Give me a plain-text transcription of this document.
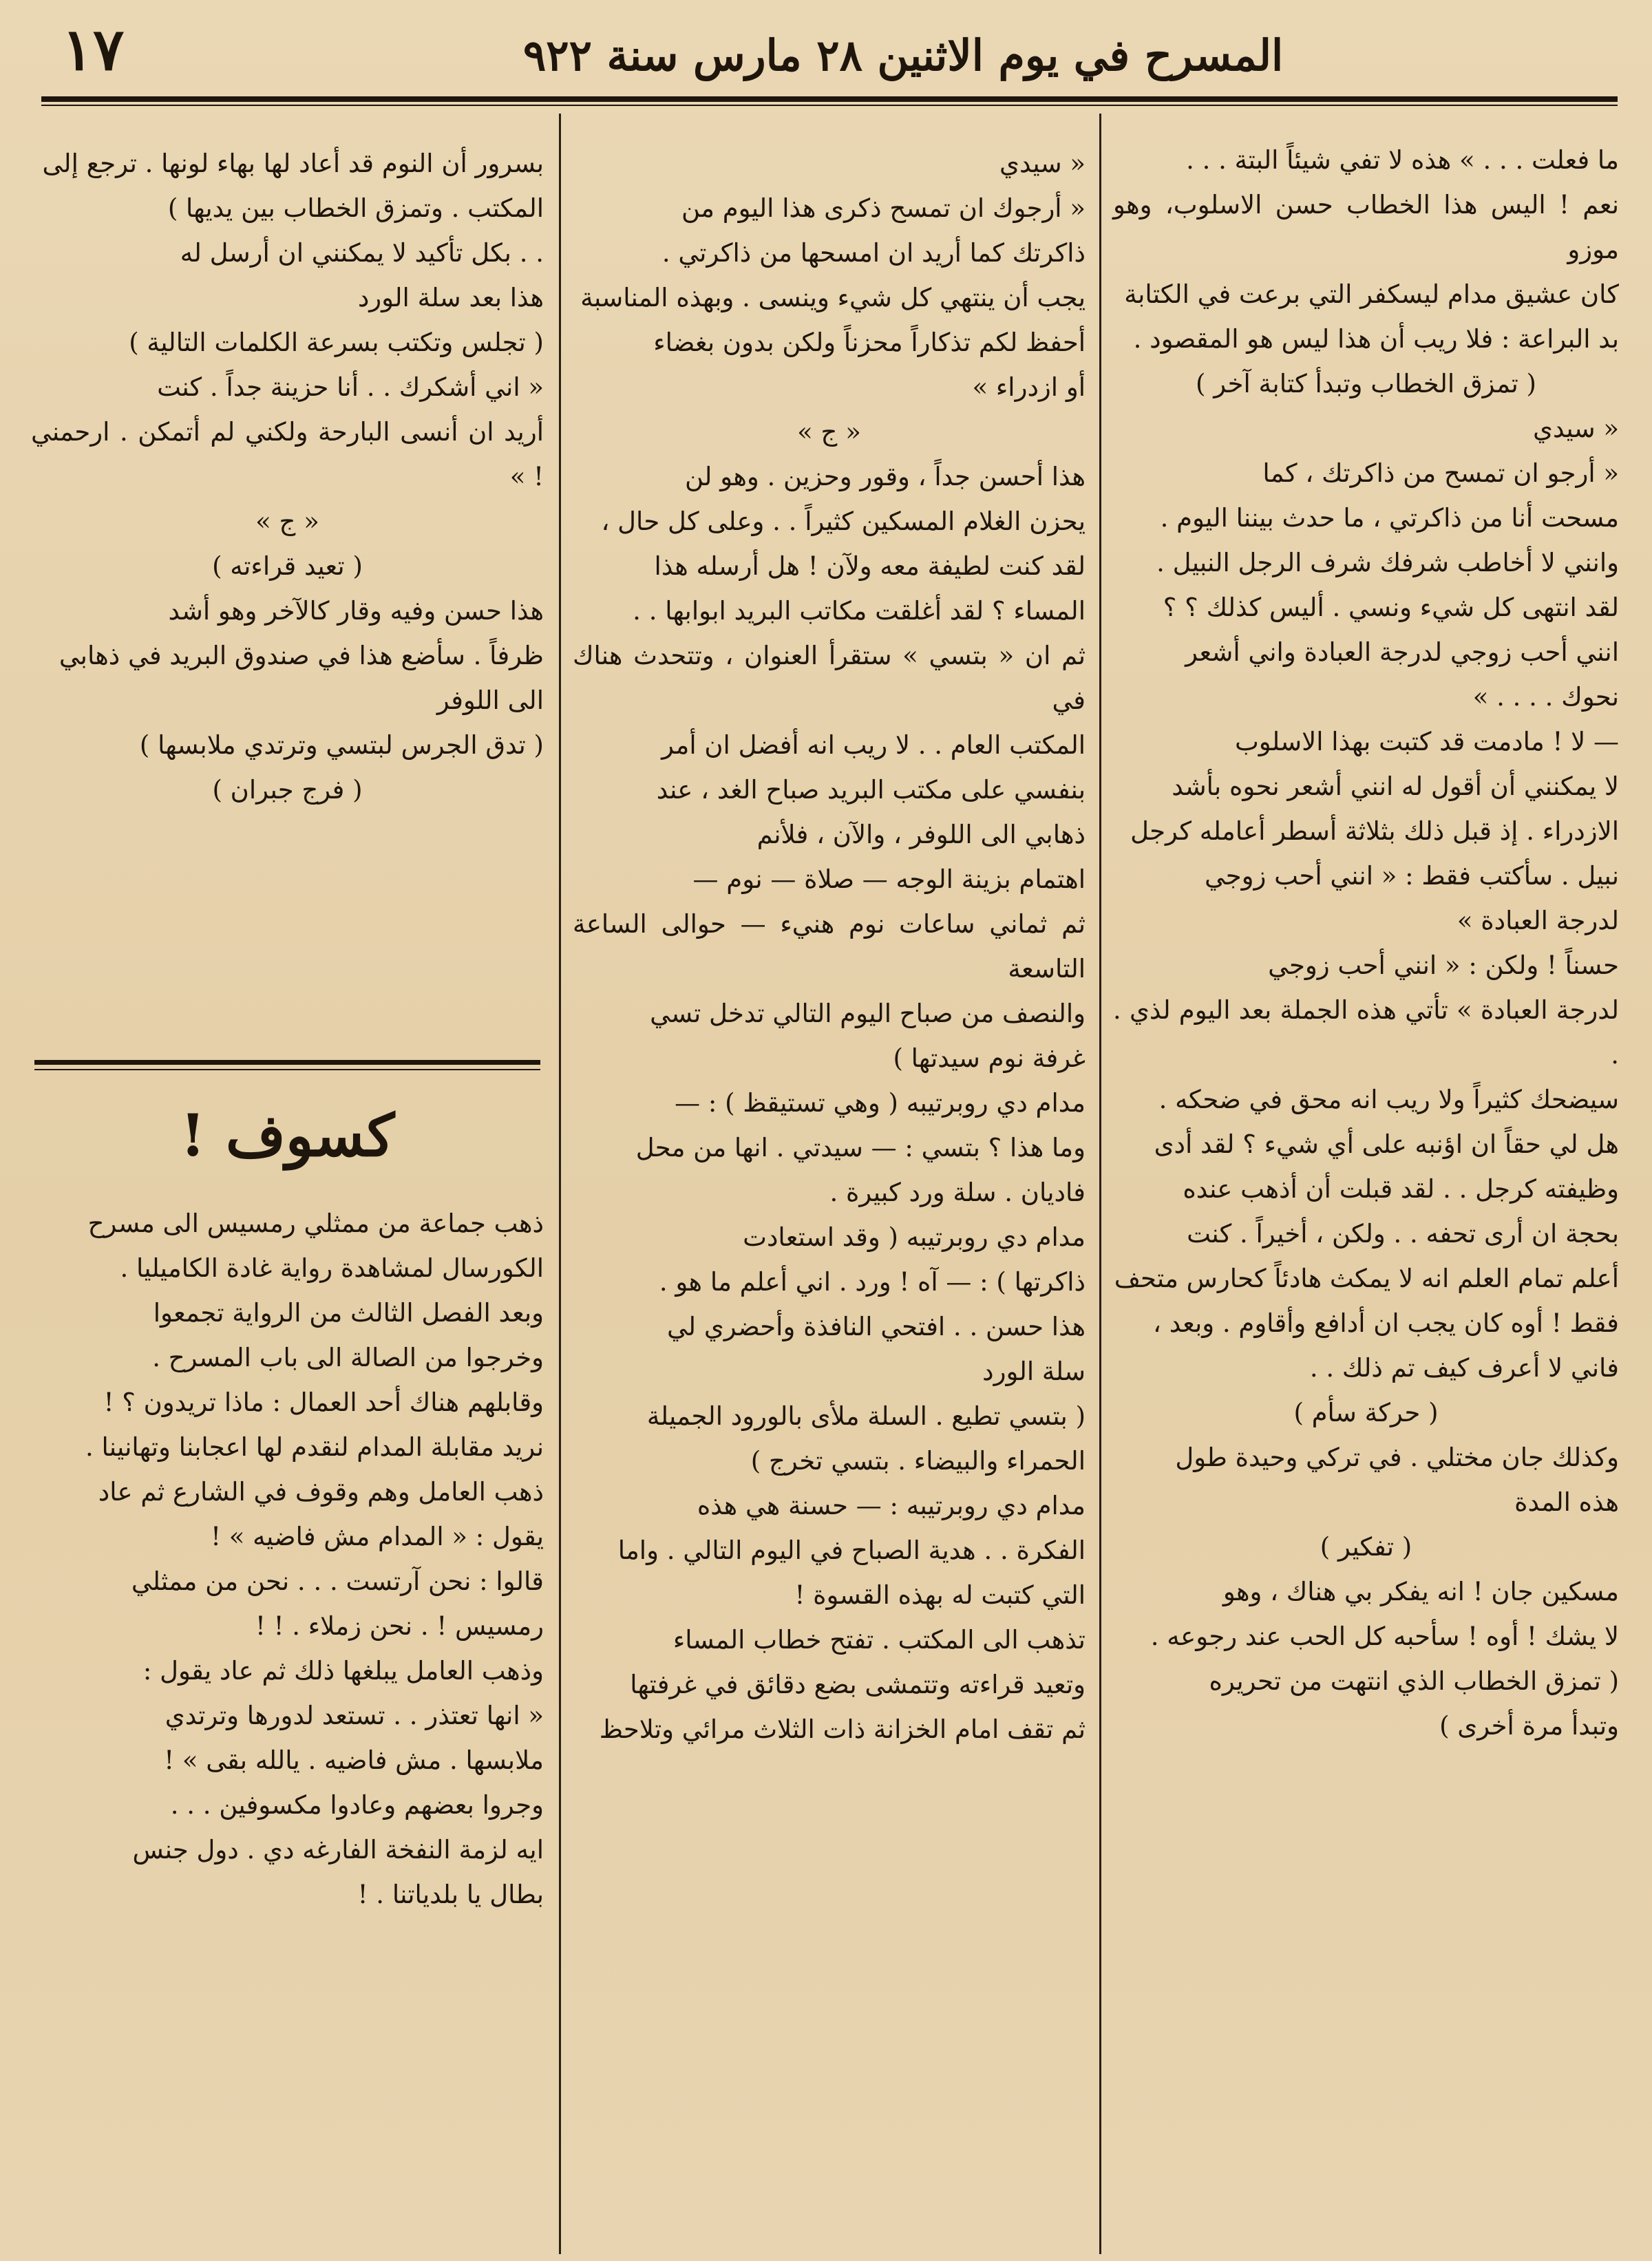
١٧	المسرح في يوم الاثنين ٢٨ مارس سنة ٩٢٢

ما فعلت . . . » هذه لا تفي شيئاً البتة . . .

نعم ! اليس هذا الخطاب حسن الاسلوب، وهو موزو

كان عشيق مدام ليسكفر التي برعت في الكتابة

بد البراعة : فلا ريب أن هذا ليس هو المقصود .

( تمزق الخطاب وتبدأ كتابة آخر )

« سيدي

« أرجو ان تمسح من ذاكرتك ، كما

مسحت أنا من ذاكرتي ، ما حدث بيننا اليوم .

وانني لا أخاطب شرفك شرف الرجل النبيل .

لقد انتهى كل شيء ونسي . أليس كذلك ؟ ؟

انني أحب زوجي لدرجة العبادة واني أشعر

نحوك . . . . »

— لا ! مادمت قد كتبت بهذا الاسلوب

لا يمكنني أن أقول له انني أشعر نحوه بأشد

الازدراء . إذ قبل ذلك بثلاثة أسطر أعامله كرجل

نبيل . سأكتب فقط : « انني أحب زوجي

لدرجة العبادة »

حسناً ! ولكن : « انني أحب زوجي

لدرجة العبادة » تأتي هذه الجملة بعد اليوم لذي . .

سيضحك كثيراً ولا ريب انه محق في ضحكه .

هل لي حقاً ان اؤنبه على أي شيء ؟ لقد أدى

وظيفته كرجل . . لقد قبلت أن أذهب عنده

بحجة ان أرى تحفه . . ولكن ، أخيراً . كنت

أعلم تمام العلم انه لا يمكث هادئاً كحارس متحف

فقط ! أوه كان يجب ان أدافع وأقاوم . وبعد ،

فاني لا أعرف كيف تم ذلك . .

( حركة سأم )

وكذلك جان مختلي . في تركي وحيدة طول

هذه المدة

( تفكير )

مسكين جان ! انه يفكر بي هناك ، وهو

لا يشك ! أوه ! سأحبه كل الحب عند رجوعه .

( تمزق الخطاب الذي انتهت من تحريره

وتبدأ مرة أخرى )

« سيدي

« أرجوك ان تمسح ذكرى هذا اليوم من

ذاكرتك كما أريد ان امسحها من ذاكرتي .

يجب أن ينتهي كل شيء وينسى . وبهذه المناسبة

أحفظ لكم تذكاراً محزناً ولكن بدون بغضاء

أو ازدراء »

« ج »

هذا أحسن جداً ، وقور وحزين . وهو لن

يحزن الغلام المسكين كثيراً . . وعلى كل حال ،

لقد كنت لطيفة معه ولآن ! هل أرسله هذا

المساء ؟ لقد أغلقت مكاتب البريد ابوابها . .

ثم ان « بتسي » ستقرأ العنوان ، وتتحدث هناك في

المكتب العام . . لا ريب انه أفضل ان أمر

بنفسي على مكتب البريد صباح الغد ، عند

ذهابي الى اللوفر ، والآن ، فلأنم

اهتمام بزينة الوجه — صلاة — نوم —

ثم ثماني ساعات نوم هنيء — حوالى الساعة التاسعة

والنصف من صباح اليوم التالي تدخل تسي

غرفة نوم سيدتها )

مدام دي روبرتيبه ( وهي تستيقظ ) : —

وما هذا ؟ بتسي : — سيدتي . انها من محل

فاديان . سلة ورد كبيرة .

مدام دي روبرتيبه ( وقد استعادت

ذاكرتها ) : — آه ! ورد . اني أعلم ما هو .

هذا حسن . . افتحي النافذة وأحضري لي

سلة الورد

( بتسي تطيع . السلة ملأى بالورود الجميلة

الحمراء والبيضاء . بتسي تخرج )

مدام دي روبرتيبه : — حسنة هي هذه

الفكرة . . هدية الصباح في اليوم التالي . واما

التي كتبت له بهذه القسوة !

تذهب الى المكتب . تفتح خطاب المساء

وتعيد قراءته وتتمشى بضع دقائق في غرفتها

ثم تقف امام الخزانة ذات الثلاث مرائي وتلاحظ

بسرور أن النوم قد أعاد لها بهاء لونها . ترجع إلى

المكتب . وتمزق الخطاب بين يديها )

. . بكل تأكيد لا يمكنني ان أرسل له

هذا بعد سلة الورد

( تجلس وتكتب بسرعة الكلمات التالية )

« اني أشكرك . . أنا حزينة جداً . كنت

أريد ان أنسى البارحة ولكني لم أتمكن . ارحمني ! »

« ج »

( تعيد قراءته )

هذا حسن وفيه وقار كالآخر وهو أشد

ظرفاً . سأضع هذا في صندوق البريد في ذهابي

الى اللوفر

( تدق الجرس لبتسي وترتدي ملابسها )

( فرج جبران )

كسوف !

ذهب جماعة من ممثلي رمسيس الى مسرح

الكورسال لمشاهدة رواية غادة الكاميليا .

وبعد الفصل الثالث من الرواية تجمعوا

وخرجوا من الصالة الى باب المسرح .

وقابلهم هناك أحد العمال : ماذا تريدون ؟ !

نريد مقابلة المدام لنقدم لها اعجابنا وتهانينا .

ذهب العامل وهم وقوف في الشارع ثم عاد

يقول : « المدام مش فاضيه » !

قالوا : نحن آرتست . . . نحن من ممثلي

رمسيس ! . نحن زملاء . ! !

وذهب العامل يبلغها ذلك ثم عاد يقول :

« انها تعتذر . . تستعد لدورها وترتدي

ملابسها . مش فاضيه . يالله بقى » !

وجروا بعضهم وعادوا مكسوفين . . .

ايه لزمة النفخة الفارغه دي . دول جنس

بطال يا بلدياتنا . !
